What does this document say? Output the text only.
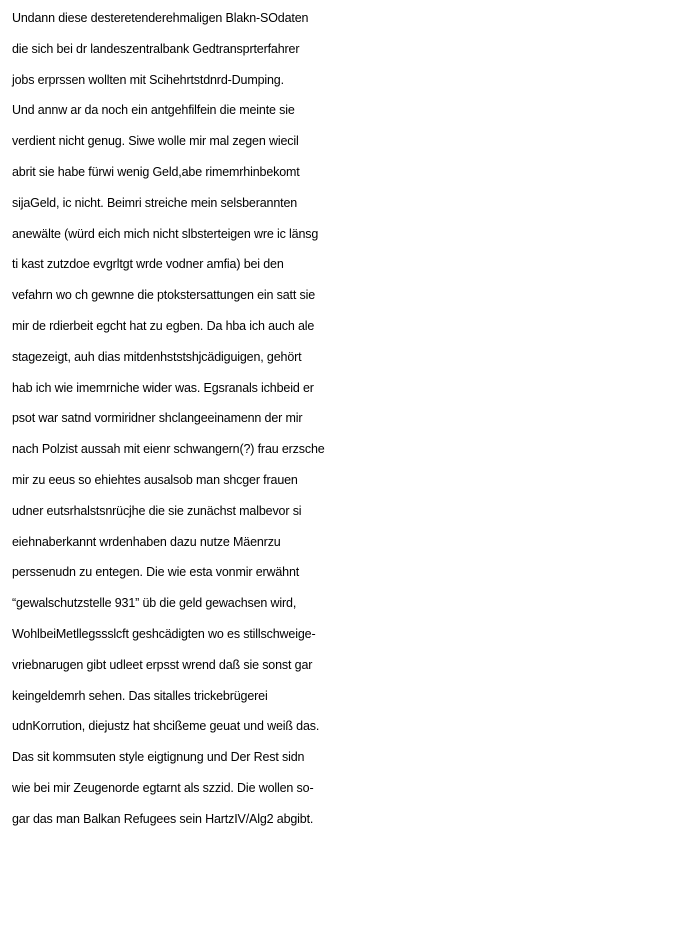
Undann diese desteretenderehmaligen Blakn-SOdaten
die sich bei dr landeszentralbank Gedtransprterfahrer
jobs erprssen wollten mit Scihehrtstdnrd-Dumping.
Und annw ar da noch ein antgehfilfein die meinte sie
verdient nicht genug. Siwe wolle mir mal zegen wiecil
abrit sie habe fürwi wenig Geld,abe rimemrhinbekomt
sijaGeld, ic nicht. Beimri streiche mein selsberannten
anewälte (würd eich mich nicht slbsterteigen wre ic länsg
ti kast zutzdoe evgrltgt wrde vodner amfia) bei den
vefahrn wo ch gewnne die ptokstersattungen ein satt sie
mir de rdierbeit egcht hat zu egben. Da hba ich auch ale
stagezeigt, auh dias mitdenhststshjcädiguigen, gehört
hab ich wie imemrniche wider was. Egsranals ichbeid er
psot war satnd vormiridner shclangeeinamenn der mir
nach Polzist aussah mit eienr schwangern(?) frau erzsche
mir zu eeus so ehiehtes ausalsob man shcger frauen
udner eutsrhalstsnrücjhe die sie zunächst malbevor si
eiehnaberkannt wrdenhaben dazu nutze Mäenrzu
perssenudn zu entegen. Die wie esta vonmir erwähnt
“gewalschutzstelle 931” üb die geld gewachsen wird,
WohlbeiMetllegssslcft geshcädigten wo es stillschweige-
vriebnarugen gibt udleet erpsst wrend daß sie sonst gar
keingeldemrh sehen. Das sitalles trickebrügerei
udnKorrution, diejustz hat shcißeme geuat und weiß das.
Das sit kommsuten style eigtignung und Der Rest sidn
wie bei mir Zeugenorde egtarnt als szzid. Die wollen so-
gar das man Balkan Refugees sein HartzIV/Alg2 abgibt.
